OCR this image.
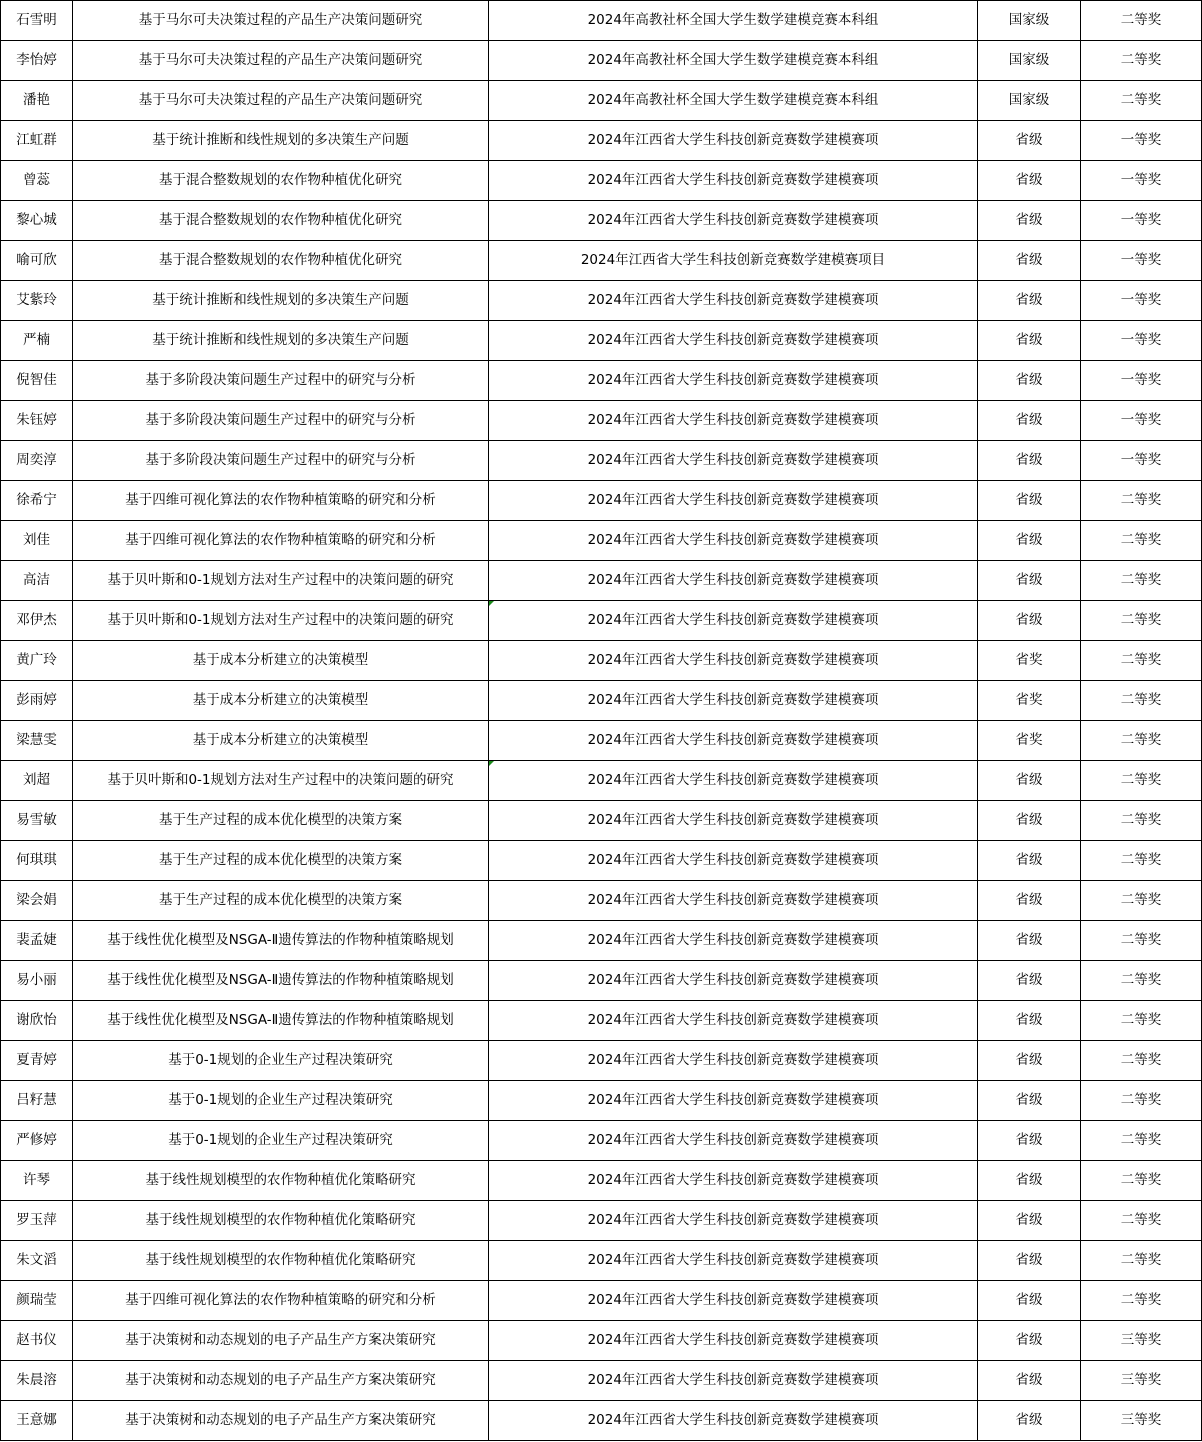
石雪明	基于马尔可夫决策过程的产品生产决策问题研究	2024年高教社杯全国大学生数学建模竞赛本科组	国家级	二等奖
李怡婷	基于马尔可夫决策过程的产品生产决策问题研究	2024年高教社杯全国大学生数学建模竞赛本科组	国家级	二等奖
潘艳	基于马尔可夫决策过程的产品生产决策问题研究	2024年高教社杯全国大学生数学建模竞赛本科组	国家级	二等奖
江虹群	基于统计推断和线性规划的多决策生产问题	2024年江西省大学生科技创新竞赛数学建模赛项	省级	一等奖
曾蕊	基于混合整数规划的农作物种植优化研究	2024年江西省大学生科技创新竞赛数学建模赛项	省级	一等奖
黎心城	基于混合整数规划的农作物种植优化研究	2024年江西省大学生科技创新竞赛数学建模赛项	省级	一等奖
喻可欣	基于混合整数规划的农作物种植优化研究	2024年江西省大学生科技创新竞赛数学建模赛项目	省级	一等奖
艾紫玲	基于统计推断和线性规划的多决策生产问题	2024年江西省大学生科技创新竞赛数学建模赛项	省级	一等奖
严楠	基于统计推断和线性规划的多决策生产问题	2024年江西省大学生科技创新竞赛数学建模赛项	省级	一等奖
倪智佳	基于多阶段决策问题生产过程中的研究与分析	2024年江西省大学生科技创新竞赛数学建模赛项	省级	一等奖
朱钰婷	基于多阶段决策问题生产过程中的研究与分析	2024年江西省大学生科技创新竞赛数学建模赛项	省级	一等奖
周奕淳	基于多阶段决策问题生产过程中的研究与分析	2024年江西省大学生科技创新竞赛数学建模赛项	省级	一等奖
徐希宁	基于四维可视化算法的农作物种植策略的研究和分析	2024年江西省大学生科技创新竞赛数学建模赛项	省级	二等奖
刘佳	基于四维可视化算法的农作物种植策略的研究和分析	2024年江西省大学生科技创新竞赛数学建模赛项	省级	二等奖
高洁	基于贝叶斯和0-1规划方法对生产过程中的决策问题的研究	2024年江西省大学生科技创新竞赛数学建模赛项	省级	二等奖
邓伊杰	基于贝叶斯和0-1规划方法对生产过程中的决策问题的研究	2024年江西省大学生科技创新竞赛数学建模赛项	省级	二等奖
黄广玲	基于成本分析建立的决策模型	2024年江西省大学生科技创新竞赛数学建模赛项	省奖	二等奖
彭雨婷	基于成本分析建立的决策模型	2024年江西省大学生科技创新竞赛数学建模赛项	省奖	二等奖
梁慧雯	基于成本分析建立的决策模型	2024年江西省大学生科技创新竞赛数学建模赛项	省奖	二等奖
刘超	基于贝叶斯和0-1规划方法对生产过程中的决策问题的研究	2024年江西省大学生科技创新竞赛数学建模赛项	省级	二等奖
易雪敏	基于生产过程的成本优化模型的决策方案	2024年江西省大学生科技创新竞赛数学建模赛项	省级	二等奖
何琪琪	基于生产过程的成本优化模型的决策方案	2024年江西省大学生科技创新竞赛数学建模赛项	省级	二等奖
梁会娟	基于生产过程的成本优化模型的决策方案	2024年江西省大学生科技创新竞赛数学建模赛项	省级	二等奖
裴孟婕	基于线性优化模型及NSGA-Ⅱ遗传算法的作物种植策略规划	2024年江西省大学生科技创新竞赛数学建模赛项	省级	二等奖
易小丽	基于线性优化模型及NSGA-Ⅱ遗传算法的作物种植策略规划	2024年江西省大学生科技创新竞赛数学建模赛项	省级	二等奖
谢欣怡	基于线性优化模型及NSGA-Ⅱ遗传算法的作物种植策略规划	2024年江西省大学生科技创新竞赛数学建模赛项	省级	二等奖
夏青婷	基于0-1规划的企业生产过程决策研究	2024年江西省大学生科技创新竞赛数学建模赛项	省级	二等奖
吕籽慧	基于0-1规划的企业生产过程决策研究	2024年江西省大学生科技创新竞赛数学建模赛项	省级	二等奖
严修婷	基于0-1规划的企业生产过程决策研究	2024年江西省大学生科技创新竞赛数学建模赛项	省级	二等奖
许琴	基于线性规划模型的农作物种植优化策略研究	2024年江西省大学生科技创新竞赛数学建模赛项	省级	二等奖
罗玉萍	基于线性规划模型的农作物种植优化策略研究	2024年江西省大学生科技创新竞赛数学建模赛项	省级	二等奖
朱文滔	基于线性规划模型的农作物种植优化策略研究	2024年江西省大学生科技创新竞赛数学建模赛项	省级	二等奖
颜瑞莹	基于四维可视化算法的农作物种植策略的研究和分析	2024年江西省大学生科技创新竞赛数学建模赛项	省级	二等奖
赵书仪	基于决策树和动态规划的电子产品生产方案决策研究	2024年江西省大学生科技创新竞赛数学建模赛项	省级	三等奖
朱晨溶	基于决策树和动态规划的电子产品生产方案决策研究	2024年江西省大学生科技创新竞赛数学建模赛项	省级	三等奖
王意娜	基于决策树和动态规划的电子产品生产方案决策研究	2024年江西省大学生科技创新竞赛数学建模赛项	省级	三等奖
